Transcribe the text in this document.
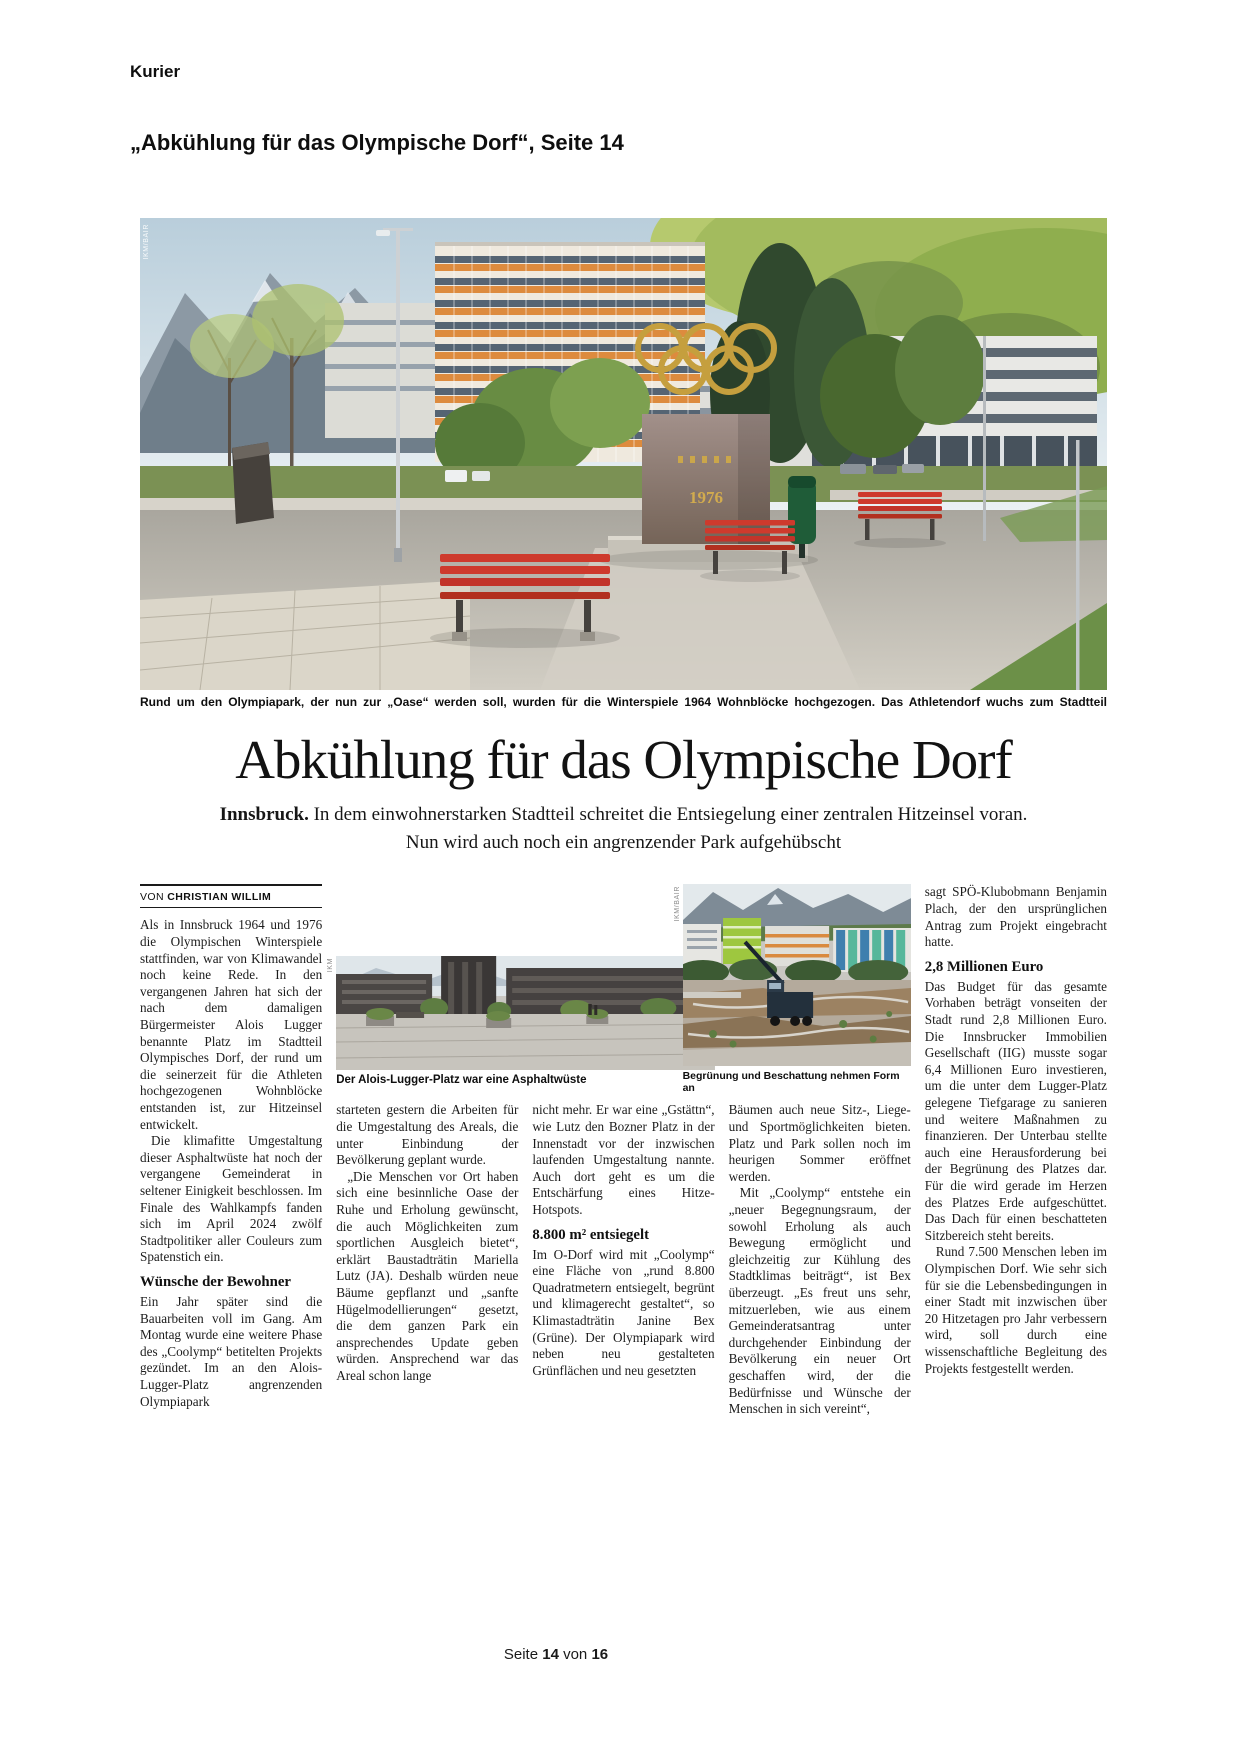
Kurier
„Abkühlung für das Olympische Dorf“, Seite 14
1976
IKM/BAIR
Rund um den Olympiapark, der nun zur „Oase“ werden soll, wurden für die Winterspiele 1964 Wohnblöcke hochgezogen. Das Athletendorf wuchs zum Stadtteil
Abkühlung für das Olympische Dorf

Innsbruck. In dem einwohnerstarken Stadtteil schreitet die Entsiegelung einer zentralen Hitzeinsel voran. Nun wird auch noch ein angrenzender Park aufgehübscht

VON CHRISTIAN WILLIM

Als in Innsbruck 1964 und 1976 die Olympischen Winterspiele stattfinden, war von Klimawandel noch keine Rede. In den vergangenen Jahren hat sich der nach dem damaligen Bürgermeister Alois Lugger benannte Platz im Stadtteil Olympisches Dorf, der rund um die seinerzeit für die Athleten hochgezogenen Wohnblöcke entstanden ist, zur Hitzeinsel entwickelt.

Die klimafitte Umgestaltung dieser Asphaltwüste hat noch der vergangene Gemeinderat in seltener Einigkeit beschlossen. Im Finale des Wahlkampfs fanden sich im April 2024 zwölf Stadtpolitiker aller Couleurs zum Spatenstich ein.

Wünsche der Bewohner

Ein Jahr später sind die Bauarbeiten voll im Gang. Am Montag wurde eine weitere Phase des „Coolymp“ betitelten Projekts gezündet. Im an den Alois-Lugger-Platz angrenzenden Olympiapark

Der Alois-Lugger-Platz war eine Asphaltwüste
IKM

starteten gestern die Arbeiten für die Umgestaltung des Areals, die unter Einbindung der Bevölkerung geplant wurde.

„Die Menschen vor Ort haben sich eine besinnliche Oase der Ruhe und Erholung gewünscht, die auch Möglichkeiten zum sportlichen Ausgleich bietet“, erklärt Baustadträtin Mariella Lutz (JA). Deshalb würden neue Bäume gepflanzt und „sanfte Hügelmodellierungen“ gesetzt, die dem ganzen Park ein ansprechendes Update geben würden. Ansprechend war das Areal schon lange

nicht mehr. Er war eine „Gstättn“, wie Lutz den Bozner Platz in der Innenstadt vor der inzwischen laufenden Umgestaltung nannte. Auch dort geht es um die Entschärfung eines Hitze-Hotspots.

8.800 m² entsiegelt

Im O-Dorf wird mit „Coolymp“ eine Fläche von „rund 8.800 Quadratmetern entsiegelt, begrünt und klimagerecht gestaltet“, so Klimastadträtin Janine Bex (Grüne). Der Olympiapark wird neben neu gestalteten Grünflächen und neu gesetzten

Begrünung und Beschattung nehmen Form an
IKM/BAIR

Bäumen auch neue Sitz-, Liege- und Sportmöglichkeiten bieten. Platz und Park sollen noch im heurigen Sommer eröffnet werden.

Mit „Coolymp“ entstehe ein „neuer Begegnungsraum, der sowohl Erholung als auch Bewegung ermöglicht und gleichzeitig zur Kühlung des Stadtklimas beiträgt“, ist Bex überzeugt. „Es freut uns sehr, mitzuerleben, wie aus einem Gemeinderatsantrag unter durchgehender Einbindung der Bevölkerung ein neuer Ort geschaffen wird, der die Bedürfnisse und Wünsche der Menschen in sich vereint“,

sagt SPÖ-Klubobmann Benjamin Plach, der den ursprünglichen Antrag zum Projekt eingebracht hatte.

2,8 Millionen Euro

Das Budget für das gesamte Vorhaben beträgt vonseiten der Stadt rund 2,8 Millionen Euro. Die Innsbrucker Immobilien Gesellschaft (IIG) musste sogar 6,4 Millionen Euro investieren, um die unter dem Lugger-Platz gelegene Tiefgarage zu sanieren und weitere Maßnahmen zu finanzieren. Der Unterbau stellte auch eine Herausforderung bei der Begrünung des Platzes dar. Für die wird gerade im Herzen des Platzes Erde aufgeschüttet. Das Dach für einen beschatteten Sitzbereich steht bereits.

Rund 7.500 Menschen leben im Olympischen Dorf. Wie sehr sich für sie die Lebensbedingungen in einer Stadt mit inzwischen über 20 Hitzetagen pro Jahr verbessern wird, soll durch eine wissenschaftliche Begleitung des Projekts festgestellt werden.

Seite 14 von 16
